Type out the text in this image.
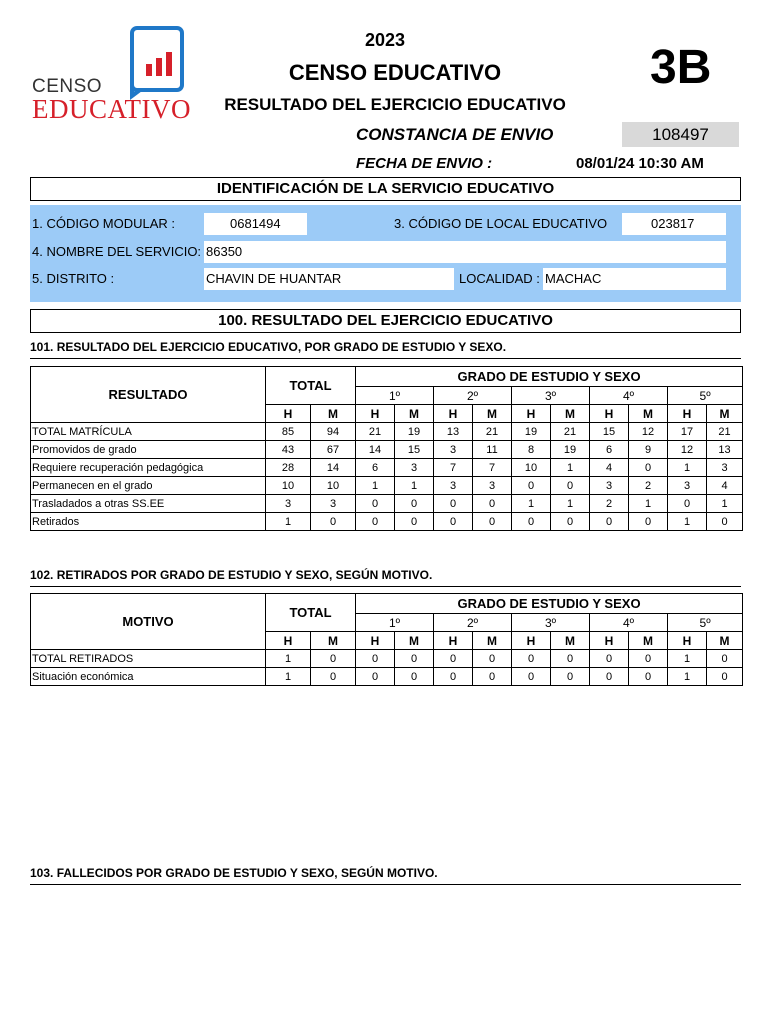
CENSO
EDUCATIVO
2023
CENSO EDUCATIVO	3B
RESULTADO DEL EJERCICIO EDUCATIVO
CONSTANCIA DE ENVIO	108497
FECHA DE ENVIO :	08/01/24 10:30 AM
IDENTIFICACIÓN DE LA SERVICIO EDUCATIVO
1. CÓDIGO MODULAR :	0681494	3. CÓDIGO DE LOCAL EDUCATIVO	023817
4. NOMBRE DEL SERVICIO: 86350
5. DISTRITO :	CHAVIN DE HUANTAR	LOCALIDAD : MACHAC
100. RESULTADO DEL EJERCICIO EDUCATIVO
101. RESULTADO DEL EJERCICIO EDUCATIVO, POR GRADO DE ESTUDIO Y SEXO.
RESULTADO	TOTAL		GRADO DE ESTUDIO Y SEXO									
			1º		2º		3º		4º		5º	
	H	M	H	M	H	M	H	M	H	M	H	M
TOTAL MATRÍCULA	85	94	21	19	13	21	19	21	15	12	17	21
Promovidos de grado	43	67	14	15	3	11	8	19	6	9	12	13
Requiere recuperación pedagógica	28	14	6	3	7	7	10	1	4	0	1	3
Permanecen en el grado	10	10	1	1	3	3	0	0	3	2	3	4
Trasladados a otras SS.EE	3	3	0	0	0	0	1	1	2	1	0	1
Retirados	1	0	0	0	0	0	0	0	0	0	1	0
102. RETIRADOS POR GRADO DE ESTUDIO Y SEXO, SEGÚN MOTIVO.
MOTIVO	TOTAL		GRADO DE ESTUDIO Y SEXO									
			1º		2º		3º		4º		5º	
	H	M	H	M	H	M	H	M	H	M	H	M
TOTAL RETIRADOS	1	0	0	0	0	0	0	0	0	0	1	0
Situación económica	1	0	0	0	0	0	0	0	0	0	1	0
103. FALLECIDOS POR GRADO DE ESTUDIO Y SEXO, SEGÚN MOTIVO.
